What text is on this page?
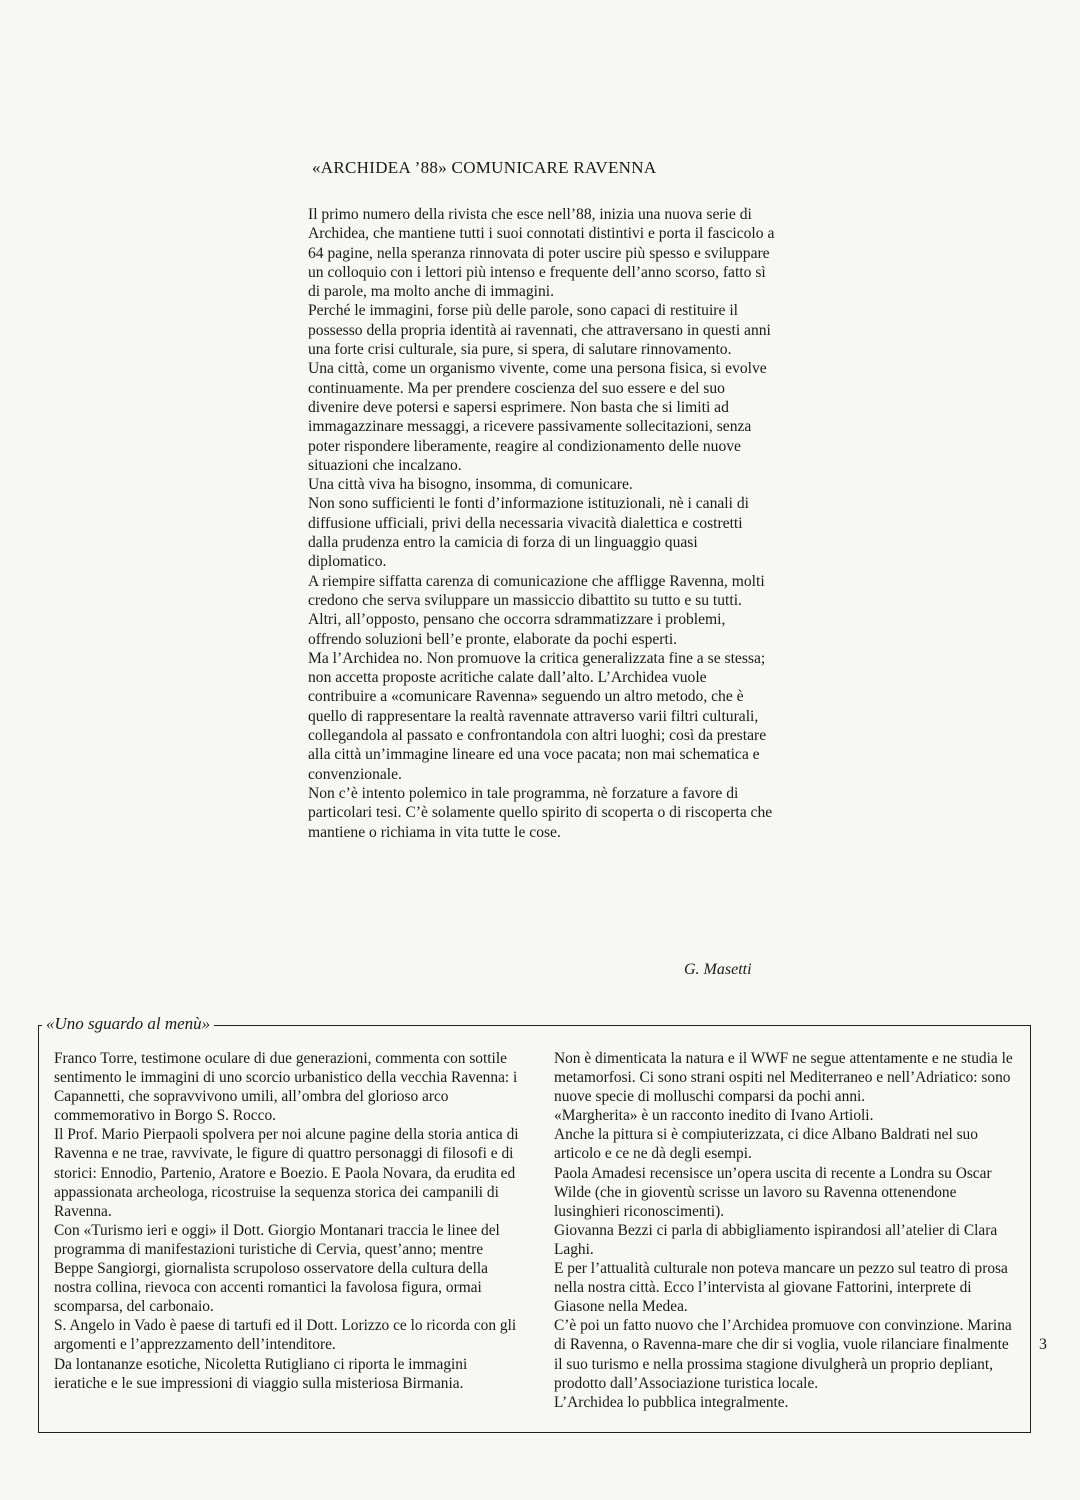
«ARCHIDEA ’88» COMUNICARE RAVENNA

Il primo numero della rivista che esce nell’88, inizia una nuova serie di Archidea, che mantiene tutti i suoi connotati distintivi e porta il fascicolo a 64 pagine, nella speranza rinnovata di poter uscire più spesso e sviluppare un colloquio con i lettori più intenso e frequente dell’anno scorso, fatto sì di parole, ma molto anche di immagini.

Perché le immagini, forse più delle parole, sono capaci di restituire il possesso della propria identità ai ravennati, che attraversano in questi anni una forte crisi culturale, sia pure, si spera, di salutare rinnovamento.

Una città, come un organismo vivente, come una persona fisica, si evolve continuamente. Ma per prendere coscienza del suo essere e del suo divenire deve potersi e sapersi esprimere. Non basta che si limiti ad immagazzinare messaggi, a ricevere passivamente sollecitazioni, senza poter rispondere liberamente, reagire al condizionamento delle nuove situazioni che incalzano.

Una città viva ha bisogno, insomma, di comunicare.

Non sono sufficienti le fonti d’informazione istituzionali, nè i canali di diffusione ufficiali, privi della necessaria vivacità dialettica e costretti dalla prudenza entro la camicia di forza di un linguaggio quasi diplomatico.

A riempire siffatta carenza di comunicazione che affligge Ravenna, molti credono che serva sviluppare un massiccio dibattito su tutto e su tutti. Altri, all’opposto, pensano che occorra sdrammatizzare i problemi, offrendo soluzioni bell’e pronte, elaborate da pochi esperti.

Ma l’Archidea no. Non promuove la critica generalizzata fine a se stessa; non accetta proposte acritiche calate dall’alto. L’Archidea vuole contribuire a «comunicare Ravenna» seguendo un altro metodo, che è quello di rappresentare la realtà ravennate attraverso varii filtri culturali, collegandola al passato e confrontandola con altri luoghi; così da prestare alla città un’immagine lineare ed una voce pacata; non mai schematica e convenzionale.

Non c’è intento polemico in tale programma, nè forzature a favore di particolari tesi. C’è solamente quello spirito di scoperta o di riscoperta che mantiene o richiama in vita tutte le cose.

G. Masetti
«Uno sguardo al menù»

Franco Torre, testimone oculare di due generazioni, commenta con sottile sentimento le immagini di uno scorcio urbanistico della vecchia Ravenna: i Capannetti, che sopravvivono umili, all’ombra del glorioso arco commemorativo in Borgo S. Rocco.

Il Prof. Mario Pierpaoli spolvera per noi alcune pagine della storia antica di Ravenna e ne trae, ravvivate, le figure di quattro personaggi di filosofi e di storici: Ennodio, Partenio, Aratore e Boezio. E Paola Novara, da erudita ed appassionata archeologa, ricostruise la sequenza storica dei campanili di Ravenna.

Con «Turismo ieri e oggi» il Dott. Giorgio Montanari traccia le linee del programma di manifestazioni turistiche di Cervia, quest’anno; mentre Beppe Sangiorgi, giornalista scrupoloso osservatore della cultura della nostra collina, rievoca con accenti romantici la favolosa figura, ormai scomparsa, del carbonaio.

S. Angelo in Vado è paese di tartufi ed il Dott. Lorizzo ce lo ricorda con gli argomenti e l’apprezzamento dell’intenditore.

Da lontananze esotiche, Nicoletta Rutigliano ci riporta le immagini ieratiche e le sue impressioni di viaggio sulla misteriosa Birmania.

Non è dimenticata la natura e il WWF ne segue attentamente e ne studia le metamorfosi. Ci sono strani ospiti nel Mediterraneo e nell’Adriatico: sono nuove specie di molluschi comparsi da pochi anni.

«Margherita» è un racconto inedito di Ivano Artioli.

Anche la pittura si è compiuterizzata, ci dice Albano Baldrati nel suo articolo e ce ne dà degli esempi.

Paola Amadesi recensisce un’opera uscita di recente a Londra su Oscar Wilde (che in gioventù scrisse un lavoro su Ravenna ottenendone lusinghieri riconoscimenti).

Giovanna Bezzi ci parla di abbigliamento ispirandosi all’atelier di Clara Laghi.

E per l’attualità culturale non poteva mancare un pezzo sul teatro di prosa nella nostra città. Ecco l’intervista al giovane Fattorini, interprete di Giasone nella Medea.

C’è poi un fatto nuovo che l’Archidea promuove con convinzione. Marina di Ravenna, o Ravenna-mare che dir si voglia, vuole rilanciare finalmente il suo turismo e nella prossima stagione divulgherà un proprio depliant, prodotto dall’Associazione turistica locale.

L’Archidea lo pubblica integralmente.

3
